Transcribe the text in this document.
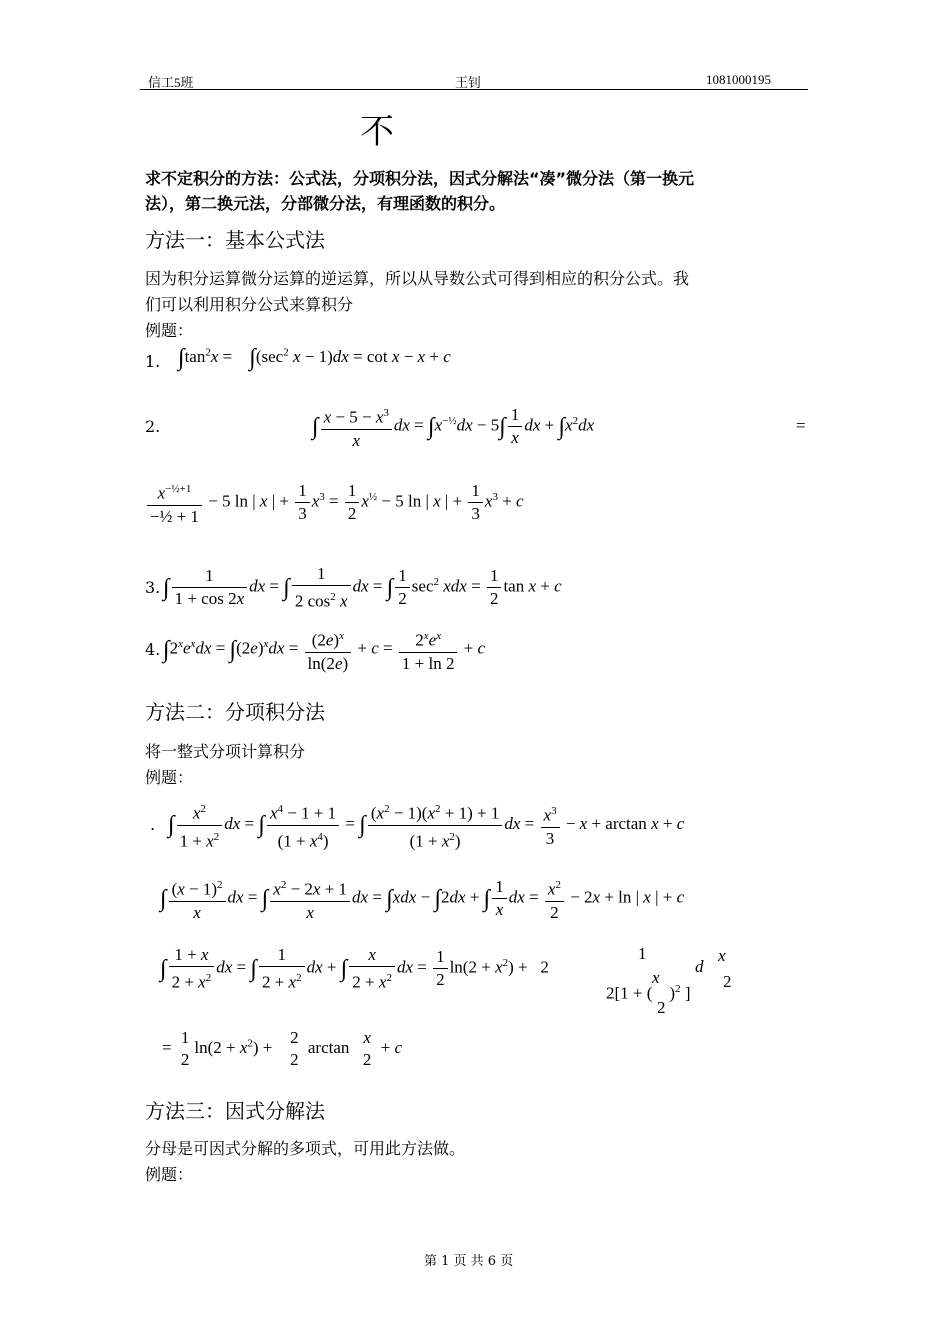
信工5班	王钊	1081000195
不
求不定积分的方法：公式法，分项积分法，因式分解法“凑”微分法（第一换元
法），第二换元法，分部微分法，有理函数的积分。
方法一：基本公式法
因为积分运算微分运算的逆运算，所以从导数公式可得到相应的积分公式。我
们可以利用积分公式来算积分
例题：
1. $\int\tan^2x$ =    $\int(\sec^2$ x − 1)dx = cot x − x + c
2.	∫ $\frac{x - 5 - x^3}{x}$ dx = $\int x^{-\frac{1}{2}}dx - 5\int \frac{1}{x}$ dx + $\int x^2dx$	=
$\frac{x^{-\frac{1}{2}+1}}{\text{−½ + 1}} - 5$ ln | x | + $\frac{1}{3} x^3 = \frac{1}{2} x^{\frac{1}{2}} - 5$ ln | x | + $\frac{1}{3} x^3 + c$
3. ∫ $\frac{1}{1 + \cos 2x}$ dx = ∫ $\frac{1}{2 \cos^2 x}$ dx = ∫ $\frac{1}{2} \sec^2$ xdx = $\frac{1}{2}$ tan x + c
4. $\int 2^xe^xdx = \int(2e)^xdx = \frac{(2e)^x}{\ln(2e)} + c = \frac{2^xe^x}{1 + \ln 2} + c$
方法二：分项积分法
将一整式分项计算积分
例题：
. ∫ $\frac{x^2}{1 + x^2}$ dx = ∫ $\frac{x^4 - 1 + 1}{(1 + x^4)}$ = ∫ $\frac{(x^2 - 1)(x^2 + 1) + 1}{(1 + x^2)}$ dx = $\frac{x^3}{3} - x + \arctan x + c$
∫ $\frac{(x - 1)^2}{x}$ dx = ∫ $\frac{x^2 - 2x + 1}{x}$ dx = ∫xdx − ∫2dx + ∫ $\frac{1}{x}$ dx = $\frac{x^2}{2} - 2x + \ln$ | x | + c
∫ $\frac{1 + x}{2 + x^2}$ dx = ∫ $\frac{1}{2 + x^2}$ dx + ∫ $\frac{x}{2 + x^2}$ dx = $\frac{1}{2} \ln(2 + x^2) + 2$
1
2[1 + (    )$^2$ ]
x
2
d
x
2
=
1
2
$\ln(2 + x^2)$ +
2
2
arctan
x
2
+ c
方法三：因式分解法
分母是可因式分解的多项式，可用此方法做。
例题：
第 1 页 共 6 页
